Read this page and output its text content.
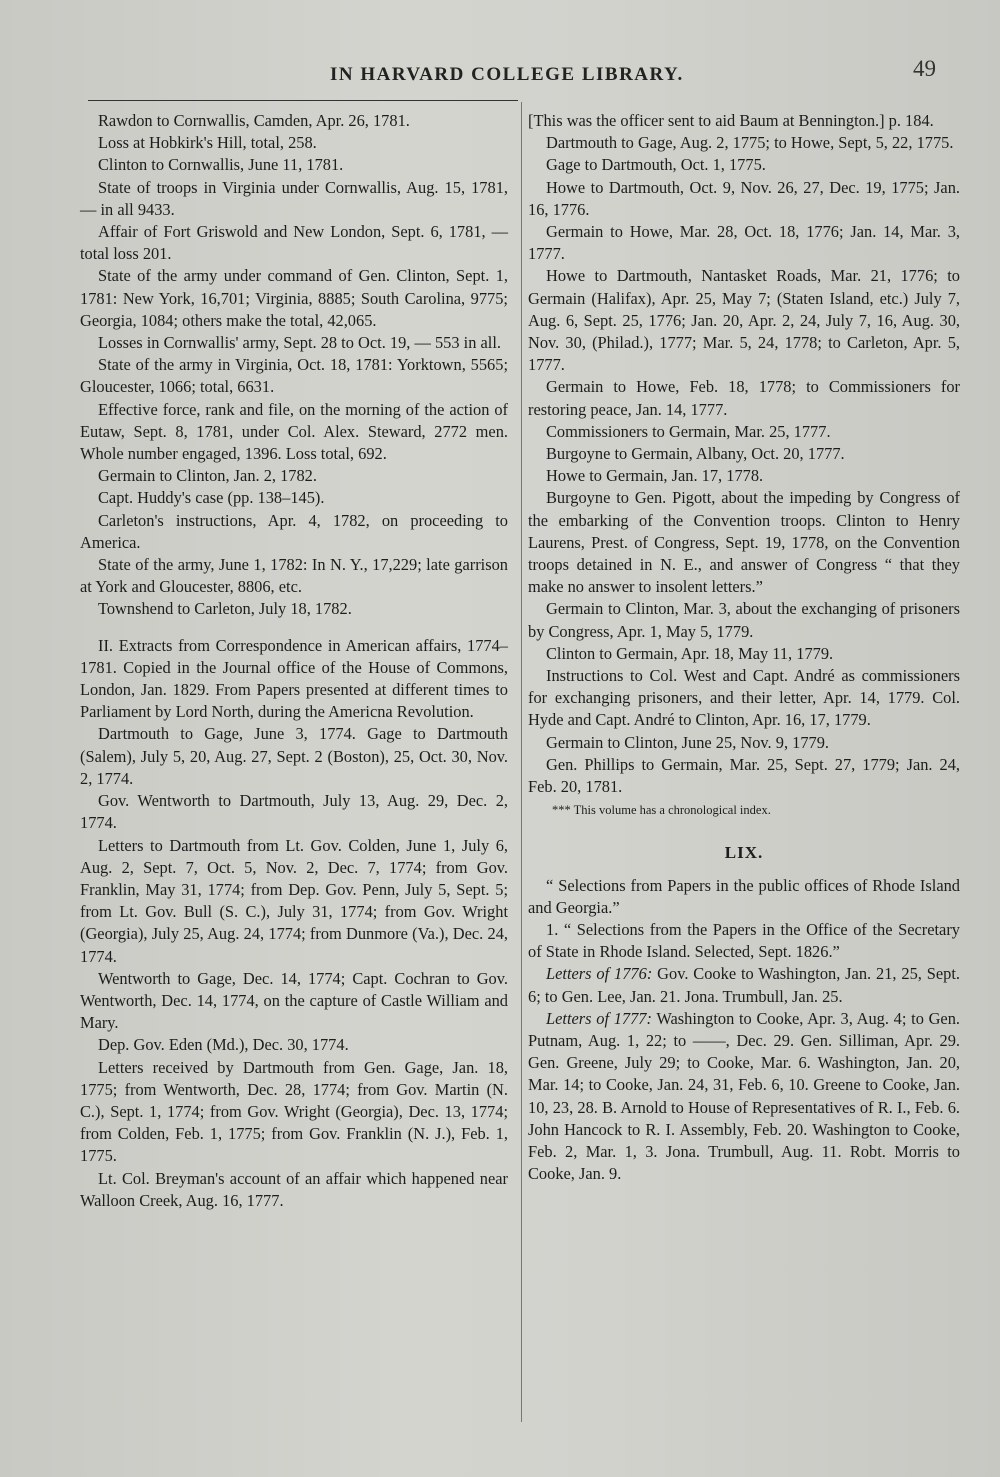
IN HARVARD COLLEGE LIBRARY.	49

Rawdon to Cornwallis, Camden, Apr. 26, 1781.

Loss at Hobkirk's Hill, total, 258.

Clinton to Cornwallis, June 11, 1781.

State of troops in Virginia under Cornwallis, Aug. 15, 1781, — in all 9433.

Affair of Fort Griswold and New London, Sept. 6, 1781, — total loss 201.

State of the army under command of Gen. Clinton, Sept. 1, 1781: New York, 16,701; Virginia, 8885; South Carolina, 9775; Georgia, 1084; others make the total, 42,065.

Losses in Cornwallis' army, Sept. 28 to Oct. 19, — 553 in all.

State of the army in Virginia, Oct. 18, 1781: Yorktown, 5565; Gloucester, 1066; total, 6631.

Effective force, rank and file, on the morning of the action of Eutaw, Sept. 8, 1781, under Col. Alex. Steward, 2772 men. Whole number engaged, 1396. Loss total, 692.

Germain to Clinton, Jan. 2, 1782.

Capt. Huddy's case (pp. 138–145).

Carleton's instructions, Apr. 4, 1782, on proceeding to America.

State of the army, June 1, 1782: In N. Y., 17,229; late garrison at York and Gloucester, 8806, etc.

Townshend to Carleton, July 18, 1782.

II. Extracts from Correspondence in American affairs, 1774–1781. Copied in the Journal office of the House of Commons, London, Jan. 1829. From Papers presented at different times to Parliament by Lord North, during the Americna Revolution.

Dartmouth to Gage, June 3, 1774. Gage to Dartmouth (Salem), July 5, 20, Aug. 27, Sept. 2 (Boston), 25, Oct. 30, Nov. 2, 1774.

Gov. Wentworth to Dartmouth, July 13, Aug. 29, Dec. 2, 1774.

Letters to Dartmouth from Lt. Gov. Colden, June 1, July 6, Aug. 2, Sept. 7, Oct. 5, Nov. 2, Dec. 7, 1774; from Gov. Franklin, May 31, 1774; from Dep. Gov. Penn, July 5, Sept. 5; from Lt. Gov. Bull (S. C.), July 31, 1774; from Gov. Wright (Georgia), July 25, Aug. 24, 1774; from Dunmore (Va.), Dec. 24, 1774.

Wentworth to Gage, Dec. 14, 1774; Capt. Cochran to Gov. Wentworth, Dec. 14, 1774, on the capture of Castle William and Mary.

Dep. Gov. Eden (Md.), Dec. 30, 1774.

Letters received by Dartmouth from Gen. Gage, Jan. 18, 1775; from Wentworth, Dec. 28, 1774; from Gov. Martin (N. C.), Sept. 1, 1774; from Gov. Wright (Georgia), Dec. 13, 1774; from Colden, Feb. 1, 1775; from Gov. Franklin (N. J.), Feb. 1, 1775.

Lt. Col. Breyman's account of an affair which happened near Walloon Creek, Aug. 16, 1777.

[This was the officer sent to aid Baum at Bennington.] p. 184.

Dartmouth to Gage, Aug. 2, 1775; to Howe, Sept, 5, 22, 1775.

Gage to Dartmouth, Oct. 1, 1775.

Howe to Dartmouth, Oct. 9, Nov. 26, 27, Dec. 19, 1775; Jan. 16, 1776.

Germain to Howe, Mar. 28, Oct. 18, 1776; Jan. 14, Mar. 3, 1777.

Howe to Dartmouth, Nantasket Roads, Mar. 21, 1776; to Germain (Halifax), Apr. 25, May 7; (Staten Island, etc.) July 7, Aug. 6, Sept. 25, 1776; Jan. 20, Apr. 2, 24, July 7, 16, Aug. 30, Nov. 30, (Philad.), 1777; Mar. 5, 24, 1778; to Carleton, Apr. 5, 1777.

Germain to Howe, Feb. 18, 1778; to Commissioners for restoring peace, Jan. 14, 1777.

Commissioners to Germain, Mar. 25, 1777.

Burgoyne to Germain, Albany, Oct. 20, 1777.

Howe to Germain, Jan. 17, 1778.

Burgoyne to Gen. Pigott, about the impeding by Congress of the embarking of the Convention troops. Clinton to Henry Laurens, Prest. of Congress, Sept. 19, 1778, on the Convention troops detained in N. E., and answer of Congress “ that they make no answer to insolent letters.”

Germain to Clinton, Mar. 3, about the exchanging of prisoners by Congress, Apr. 1, May 5, 1779.

Clinton to Germain, Apr. 18, May 11, 1779.

Instructions to Col. West and Capt. André as commissioners for exchanging prisoners, and their letter, Apr. 14, 1779. Col. Hyde and Capt. André to Clinton, Apr. 16, 17, 1779.

Germain to Clinton, June 25, Nov. 9, 1779.

Gen. Phillips to Germain, Mar. 25, Sept. 27, 1779; Jan. 24, Feb. 20, 1781.

*** This volume has a chronological index.

LIX.

“ Selections from Papers in the public offices of Rhode Island and Georgia.”

1. “ Selections from the Papers in the Office of the Secretary of State in Rhode Island. Selected, Sept. 1826.”

Letters of 1776: Gov. Cooke to Washington, Jan. 21, 25, Sept. 6; to Gen. Lee, Jan. 21. Jona. Trumbull, Jan. 25.

Letters of 1777: Washington to Cooke, Apr. 3, Aug. 4; to Gen. Putnam, Aug. 1, 22; to ——, Dec. 29. Gen. Silliman, Apr. 29. Gen. Greene, July 29; to Cooke, Mar. 6. Washington, Jan. 20, Mar. 14; to Cooke, Jan. 24, 31, Feb. 6, 10. Greene to Cooke, Jan. 10, 23, 28. B. Arnold to House of Representatives of R. I., Feb. 6. John Hancock to R. I. Assembly, Feb. 20. Washington to Cooke, Feb. 2, Mar. 1, 3. Jona. Trumbull, Aug. 11. Robt. Morris to Cooke, Jan. 9.
